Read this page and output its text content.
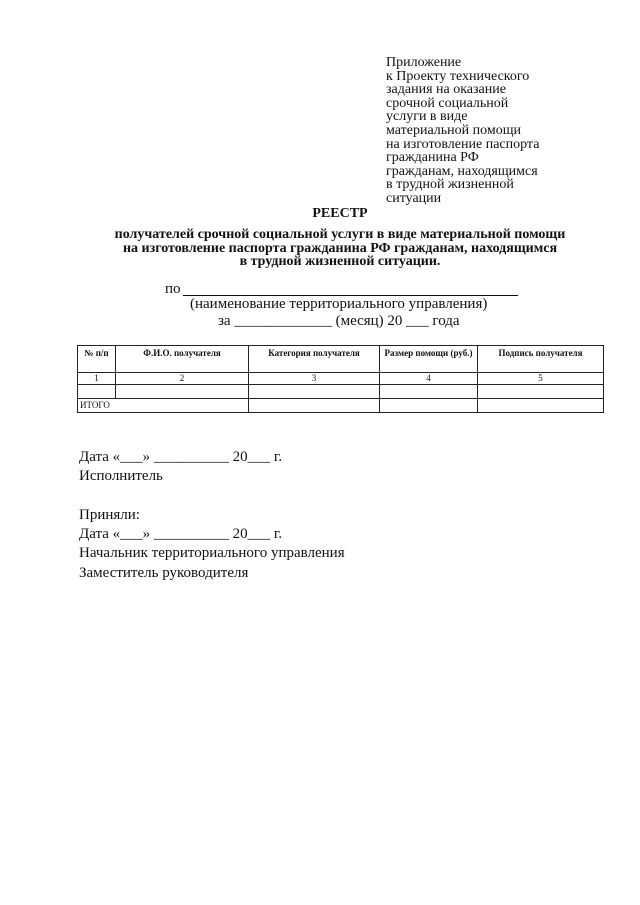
Приложение
к Проекту технического
задания на оказание
срочной социальной
услуги в виде
материальной помощи
на изготовление паспорта
гражданина РФ
гражданам, находящимся
в трудной жизненной
ситуации
РЕЕСТР
получателей срочной социальной услуги в виде материальной помощи
на изготовление паспорта гражданина РФ гражданам, находящимся
в трудной жизненной ситуации.
по
(наименование территориального управления)
за _____________ (месяц) 20 ___ года
№ п/п	Ф.И.О. получателя	Категория получателя	Размер помощи (руб.)	Подпись получателя
1	2	3	4	5

ИТОГО				
Дата «___» __________ 20___ г.
Исполнитель
Приняли:
Дата «___» __________ 20___ г.
Начальник территориального управления
Заместитель руководителя
